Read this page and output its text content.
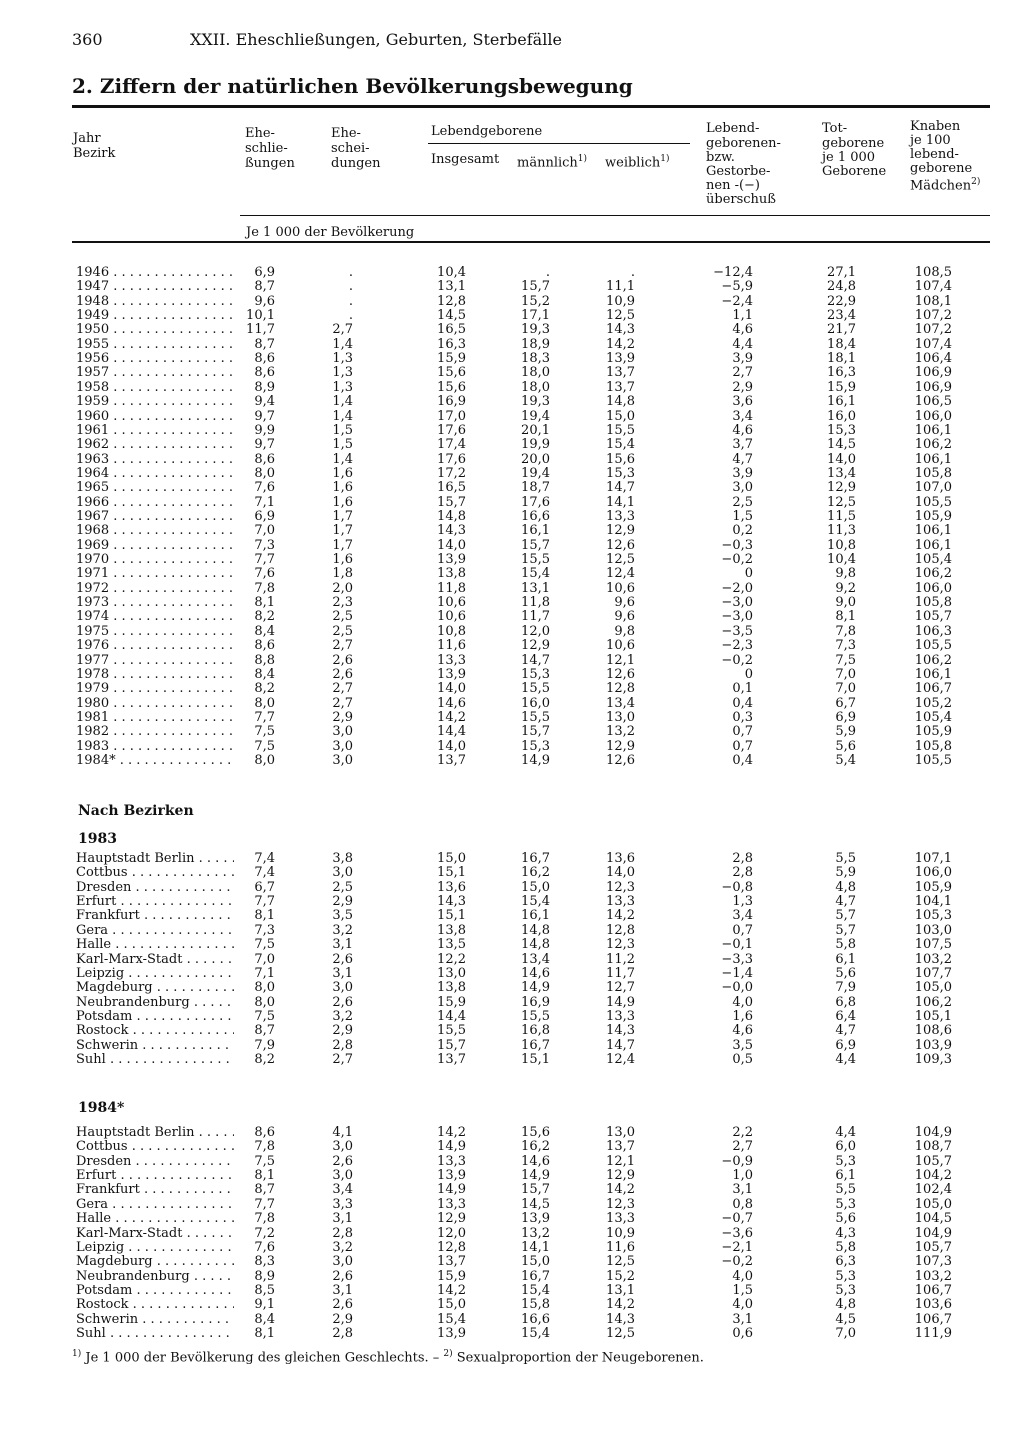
360	XXII. Eheschließungen, Geburten, Sterbefälle
2. Ziffern der natürlichen Bevölkerungsbewegung
Jahr
Bezirk
Ehe-
schlie-
ßungen
Ehe-
schei-
dungen
Lebendgeborene
Insgesamt männlich$^{1)}$ weiblich$^{1)}$
Lebend-
geborenen-
bzw.
Gestorbe-
nen -(−)
überschuß
Tot-
geborene
je 1 000
Geborene
Knaben
je 100
lebend-
geborene
Mädchen$^{2)}$
Je 1 000 der Bevölkerung
Nach Bezirken
1983
1984*
1946 . . .	6,9	.	10,4	.	.	−12,4	27,1	108,5
1947 . . .	8,7	.	13,1	15,7	11,1	−5,9	24,8	107,4
1948 . . .	9,6	.	12,8	15,2	10,9	−2,4	22,9	108,1
1949 . . .	10,1	.	14,5	17,1	12,5	1,1	23,4	107,2
1950 . . .	11,7	2,7	16,5	19,3	14,3	4,6	21,7	107,2
1955 . . .	8,7	1,4	16,3	18,9	14,2	4,4	18,4	107,4
1956 . . .	8,6	1,3	15,9	18,3	13,9	3,9	18,1	106,4
1957 . . .	8,6	1,3	15,6	18,0	13,7	2,7	16,3	106,9
1958 . . .	8,9	1,3	15,6	18,0	13,7	2,9	15,9	106,9
1959 . . .	9,4	1,4	16,9	19,3	14,8	3,6	16,1	106,5
1960 . . .	9,7	1,4	17,0	19,4	15,0	3,4	16,0	106,0
1961 . . .	9,9	1,5	17,6	20,1	15,5	4,6	15,3	106,1
1962 . . .	9,7	1,5	17,4	19,9	15,4	3,7	14,5	106,2
1963 . . .	8,6	1,4	17,6	20,0	15,6	4,7	14,0	106,1
1964 . . .	8,0	1,6	17,2	19,4	15,3	3,9	13,4	105,8
1965 . . .	7,6	1,6	16,5	18,7	14,7	3,0	12,9	107,0
1966 . . .	7,1	1,6	15,7	17,6	14,1	2,5	12,5	105,5
1967 . . .	6,9	1,7	14,8	16,6	13,3	1,5	11,5	105,9
1968 . . .	7,0	1,7	14,3	16,1	12,9	0,2	11,3	106,1
1969 . . .	7,3	1,7	14,0	15,7	12,6	−0,3	10,8	106,1
1970 . . .	7,7	1,6	13,9	15,5	12,5	−0,2	10,4	105,4
1971 . . .	7,6	1,8	13,8	15,4	12,4	0	9,8	106,2
1972 . . .	7,8	2,0	11,8	13,1	10,6	−2,0	9,2	106,0
1973 . . .	8,1	2,3	10,6	11,8	9,6	−3,0	9,0	105,8
1974 . . .	8,2	2,5	10,6	11,7	9,6	−3,0	8,1	105,7
1975 . . .	8,4	2,5	10,8	12,0	9,8	−3,5	7,8	106,3
1976 . . .	8,6	2,7	11,6	12,9	10,6	−2,3	7,3	105,5
1977 . . .	8,8	2,6	13,3	14,7	12,1	−0,2	7,5	106,2
1978 . . .	8,4	2,6	13,9	15,3	12,6	0	7,0	106,1
1979 . . .	8,2	2,7	14,0	15,5	12,8	0,1	7,0	106,7
1980 . . .	8,0	2,7	14,6	16,0	13,4	0,4	6,7	105,2
1981 . . .	7,7	2,9	14,2	15,5	13,0	0,3	6,9	105,4
1982 . . .	7,5	3,0	14,4	15,7	13,2	0,7	5,9	105,9
1983 . . .	7,5	3,0	14,0	15,3	12,9	0,7	5,6	105,8
1984* . . .	8,0	3,0	13,7	14,9	12,6	0,4	5,4	105,5
Hauptstadt Berlin . . .	7,4	3,8	15,0	16,7	13,6	2,8	5,5	107,1
Cottbus . . .	7,4	3,0	15,1	16,2	14,0	2,8	5,9	106,0
Dresden . . .	6,7	2,5	13,6	15,0	12,3	−0,8	4,8	105,9
Erfurt . . .	7,7	2,9	14,3	15,4	13,3	1,3	4,7	104,1
Frankfurt . . .	8,1	3,5	15,1	16,1	14,2	3,4	5,7	105,3
Gera . . .	7,3	3,2	13,8	14,8	12,8	0,7	5,7	103,0
Halle . . .	7,5	3,1	13,5	14,8	12,3	−0,1	5,8	107,5
Karl-Marx-Stadt . . .	7,0	2,6	12,2	13,4	11,2	−3,3	6,1	103,2
Leipzig . . .	7,1	3,1	13,0	14,6	11,7	−1,4	5,6	107,7
Magdeburg . . .	8,0	3,0	13,8	14,9	12,7	−0,0	7,9	105,0
Neubrandenburg . . .	8,0	2,6	15,9	16,9	14,9	4,0	6,8	106,2
Potsdam . . .	7,5	3,2	14,4	15,5	13,3	1,6	6,4	105,1
Rostock . . .	8,7	2,9	15,5	16,8	14,3	4,6	4,7	108,6
Schwerin . . .	7,9	2,8	15,7	16,7	14,7	3,5	6,9	103,9
Suhl . . .	8,2	2,7	13,7	15,1	12,4	0,5	4,4	109,3
Hauptstadt Berlin . . .	8,6	4,1	14,2	15,6	13,0	2,2	4,4	104,9
Cottbus . . .	7,8	3,0	14,9	16,2	13,7	2,7	6,0	108,7
Dresden . . .	7,5	2,6	13,3	14,6	12,1	−0,9	5,3	105,7
Erfurt . . .	8,1	3,0	13,9	14,9	12,9	1,0	6,1	104,2
Frankfurt . . .	8,7	3,4	14,9	15,7	14,2	3,1	5,5	102,4
Gera . . .	7,7	3,3	13,3	14,5	12,3	0,8	5,3	105,0
Halle . . .	7,8	3,1	12,9	13,9	13,3	−0,7	5,6	104,5
Karl-Marx-Stadt . . .	7,2	2,8	12,0	13,2	10,9	−3,6	4,3	104,9
Leipzig . . .	7,6	3,2	12,8	14,1	11,6	−2,1	5,8	105,7
Magdeburg . . .	8,3	3,0	13,7	15,0	12,5	−0,2	6,3	107,3
Neubrandenburg . . .	8,9	2,6	15,9	16,7	15,2	4,0	5,3	103,2
Potsdam . . .	8,5	3,1	14,2	15,4	13,1	1,5	5,3	106,7
Rostock . . .	9,1	2,6	15,0	15,8	14,2	4,0	4,8	103,6
Schwerin . . .	8,4	2,9	15,4	16,6	14,3	3,1	4,5	106,7
Suhl . . .	8,1	2,8	13,9	15,4	12,5	0,6	7,0	111,9
$^{1)}$ Je 1 000 der Bevölkerung des gleichen Geschlechts. – $^{2)}$ Sexualproportion der Neugeborenen.
